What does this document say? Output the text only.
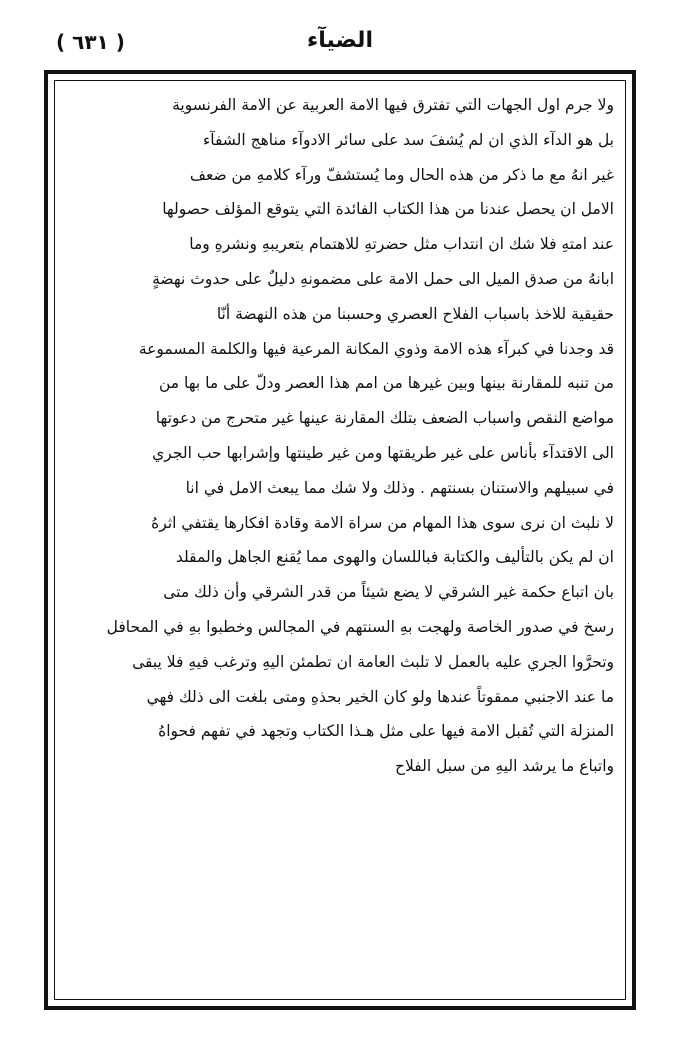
الضيآء
( ٦٣١ )
ولا جرم اول الجهات التي تفترق فيها الامة العربية عن الامة الفرنسوية
بل هو الدآء الذي ان لم يُشفَ سد على سائر الادوآء مناهج الشفآء
غير انهُ مع ما ذكر من هذه الحال وما يُستشفّ ورآء كلامهِ من ضعف
الامل ان يحصل عندنا من هذا الكتاب الفائدة التي يتوقع المؤلف حصولها
عند امتهِ فلا شك ان انتداب مثل حضرتهِ للاهتمام بتعريبهِ ونشرهِ وما
ابانهُ من صدق الميل الى حمل الامة على مضمونهِ دليلٌ على حدوث نهضةٍ
حقيقية للاخذ باسباب الفلاح العصري وحسبنا من هذه النهضة أنّا
قد وجدنا في كبرآء هذه الامة وذوي المكانة المرعية فيها والكلمة المسموعة
من تنبه للمقارنة بينها وبين غيرها من امم هذا العصر ودلّ على ما بها من
مواضع النقص واسباب الضعف بتلك المقارنة عينها غير متحرج من دعوتها
الى الاقتدآء بأناس على غير طريقتها ومن غير طينتها وإشرابها حب الجري
في سبيلهم والاستنان بسنتهم . وذلك ولا شك مما يبعث الامل في انا
لا نلبث ان نرى سوى هذا المهام من سراة الامة وقادة افكارها يقتفي اثرهُ
ان لم يكن بالتأليف والكتابة فباللسان والهوى مما يُقنع الجاهل والمقلد
بان اتباع حكمة غير الشرقي لا يضع شيئاً من قدر الشرقي وأن ذلك متى
رسخ في صدور الخاصة ولهجت بهِ السنتهم في المجالس وخطبوا بهِ في المحافل
وتحرَّوا الجري عليه بالعمل لا تلبث العامة ان تطمئن اليهِ وترغب فيهِ فلا يبقى
ما عند الاجنبي ممقوتاً عندها ولو كان الخير بحذهِ ومتى بلغت الى ذلك فهي
المنزلة التي تُقبل الامة فيها على مثل هـذا الكتاب وتجهد في تفهم فحواهُ
واتباع ما يرشد اليهِ من سبل الفلاح
